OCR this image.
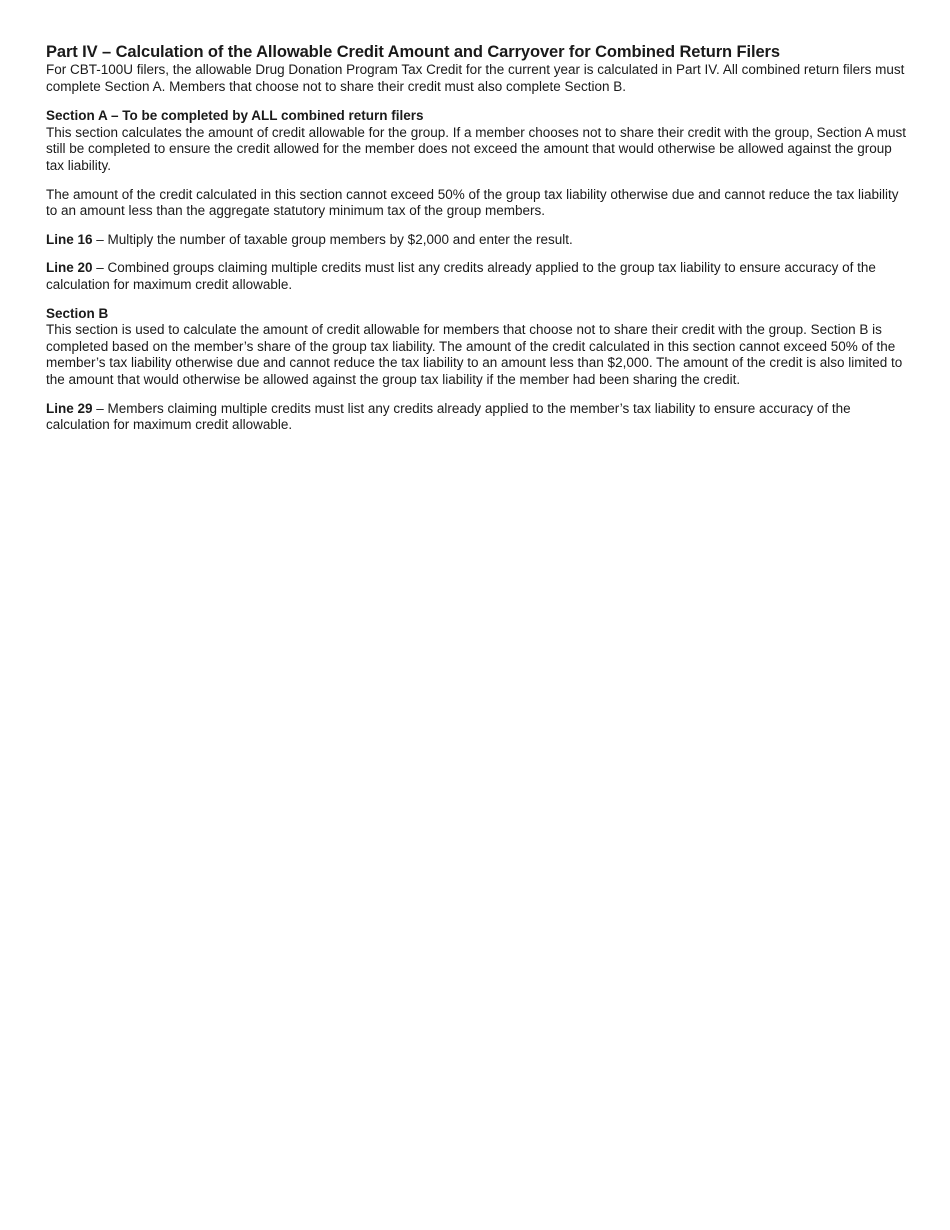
Part IV – Calculation of the Allowable Credit Amount and Carryover for Combined Return Filers

For CBT-100U filers, the allowable Drug Donation Program Tax Credit for the current year is calculated in Part IV. All combined return filers must complete Section A. Members that choose not to share their credit must also complete Section B.

Section A – To be completed by ALL combined return filers

This section calculates the amount of credit allowable for the group. If a member chooses not to share their credit with the group, Section A must still be completed to ensure the credit allowed for the member does not exceed the amount that would otherwise be allowed against the group tax liability.

The amount of the credit calculated in this section cannot exceed 50% of the group tax liability otherwise due and cannot reduce the tax liability to an amount less than the aggregate statutory minimum tax of the group members.

Line 16 – Multiply the number of taxable group members by $2,000 and enter the result.

Line 20 – Combined groups claiming multiple credits must list any credits already applied to the group tax liability to ensure accuracy of the calculation for maximum credit allowable.

Section B

This section is used to calculate the amount of credit allowable for members that choose not to share their credit with the group. Section B is completed based on the member’s share of the group tax liability. The amount of the credit calculated in this section cannot exceed 50% of the member’s tax liability otherwise due and cannot reduce the tax liability to an amount less than $2,000. The amount of the credit is also limited to the amount that would otherwise be allowed against the group tax liability if the member had been sharing the credit.

Line 29 – Members claiming multiple credits must list any credits already applied to the member’s tax liability to ensure accuracy of the calculation for maximum credit allowable.
